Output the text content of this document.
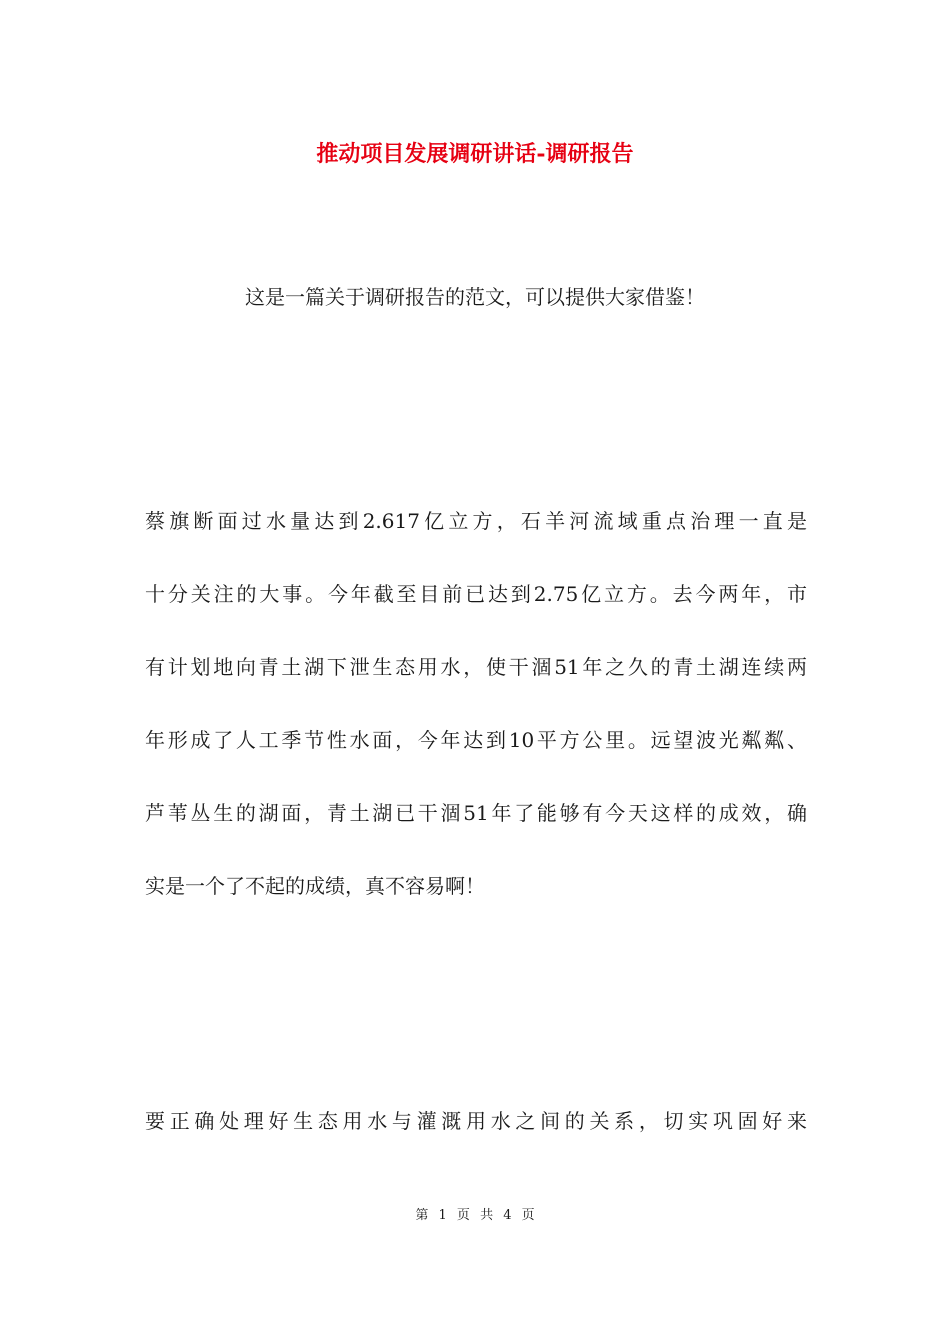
推动项目发展调研讲话-调研报告

这是一篇关于调研报告的范文，可以提供大家借鉴！

蔡旗断面过水量达到2.617亿立方，石羊河流域重点治理一直是
十分关注的大事。今年截至目前已达到2.75亿立方。去今两年，市
有计划地向青土湖下泄生态用水，使干涸51年之久的青土湖连续两
年形成了人工季节性水面，今年达到10平方公里。远望波光粼粼、
芦苇丛生的湖面，青土湖已干涸51年了能够有今天这样的成效，确
实是一个了不起的成绩，真不容易啊！
要正确处理好生态用水与灌溉用水之间的关系，切实巩固好来
第 1 页 共 4 页
